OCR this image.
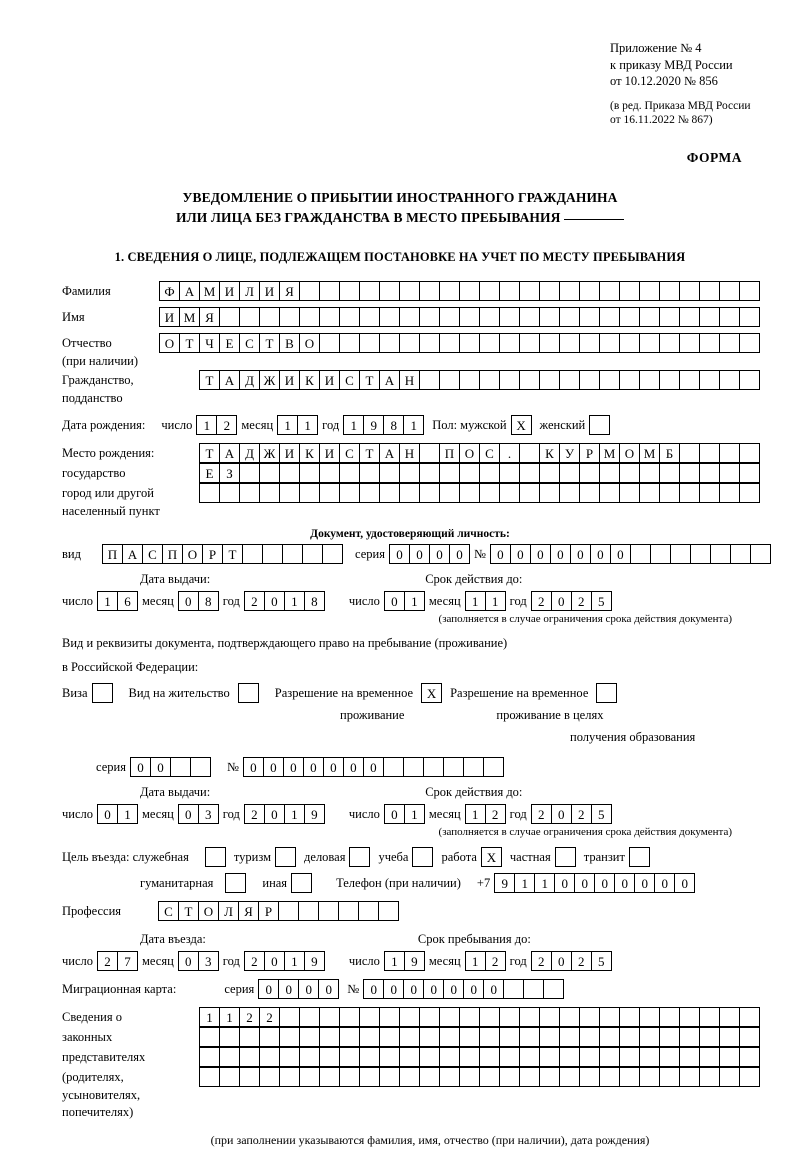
Приложение № 4
к приказу МВД России
от 10.12.2020 № 856
(в ред. Приказа МВД России
от 16.11.2022 № 867)
ФОРМА
УВЕДОМЛЕНИЕ О ПРИБЫТИИ ИНОСТРАННОГО ГРАЖДАНИНА
ИЛИ ЛИЦА БЕЗ ГРАЖДАНСТВА В МЕСТО ПРЕБЫВАНИЯ
1. СВЕДЕНИЯ О ЛИЦЕ, ПОДЛЕЖАЩЕМ ПОСТАНОВКЕ НА УЧЕТ ПО МЕСТУ ПРЕБЫВАНИЯ
Фамилия	Ф А М И Л И Я
Имя	И М Я
Отчество	О Т Ч Е С Т В О
(при наличии)
Гражданство,	Т А Д Ж И К И С Т А Н
подданство
Дата рождения: число 1	2 месяц 1	1 год 1	9	8	1	Пол: мужской Х	женский
Место рождения:	Т А Д Ж И К И С Т А Н	П О С	.	К У Р М О М Б
государство	Е З
город или другой
населенный пункт
Документ, удостоверяющий личность:
вид	П А С П О Р Т	серия 0	0	0	0 № 0	0	0	0	0	0	0
Дата выдачи:	Срок действия до:
число 1	6 месяц 0	8 год 2	0	1	8	число 0	1 месяц 1	1 год 2	0	2	5
(заполняется в случае ограничения срока действия документа)
Вид и реквизиты документа, подтверждающего право на пребывание (проживание)
в Российской Федерации:
Виза	Вид на жительство	Разрешение на временное	Х	Разрешение на временное
проживание	проживание в целях
получения образования
серия 0	0	№ 0	0	0	0	0	0	0
Дата выдачи:	Срок действия до:
число 0	1 месяц 0	3 год 2	0	1	9	число 0	1 месяц 1	2 год 2	0	2	5
(заполняется в случае ограничения срока действия документа)
Цель въезда: служебная	туризм	деловая	учеба	работа Х	частная	транзит
гуманитарная	иная	Телефон (при наличии) +7 9	1	1	0	0	0	0	0	0	0
Профессия	С Т О Л Я Р
Дата въезда:	Срок пребывания до:
число 2	7 месяц 0	3 год 2	0	1	9	число 1	9 месяц 1	2 год 2	0	2	5
Миграционная карта:	серия 0	0	0	0	№ 0	0	0	0	0	0	0
Сведения о	1	1	2	2
законных
представителях
(родителях,
усыновителях,
попечителях)
(при заполнении указываются фамилия, имя, отчество (при наличии), дата рождения)
